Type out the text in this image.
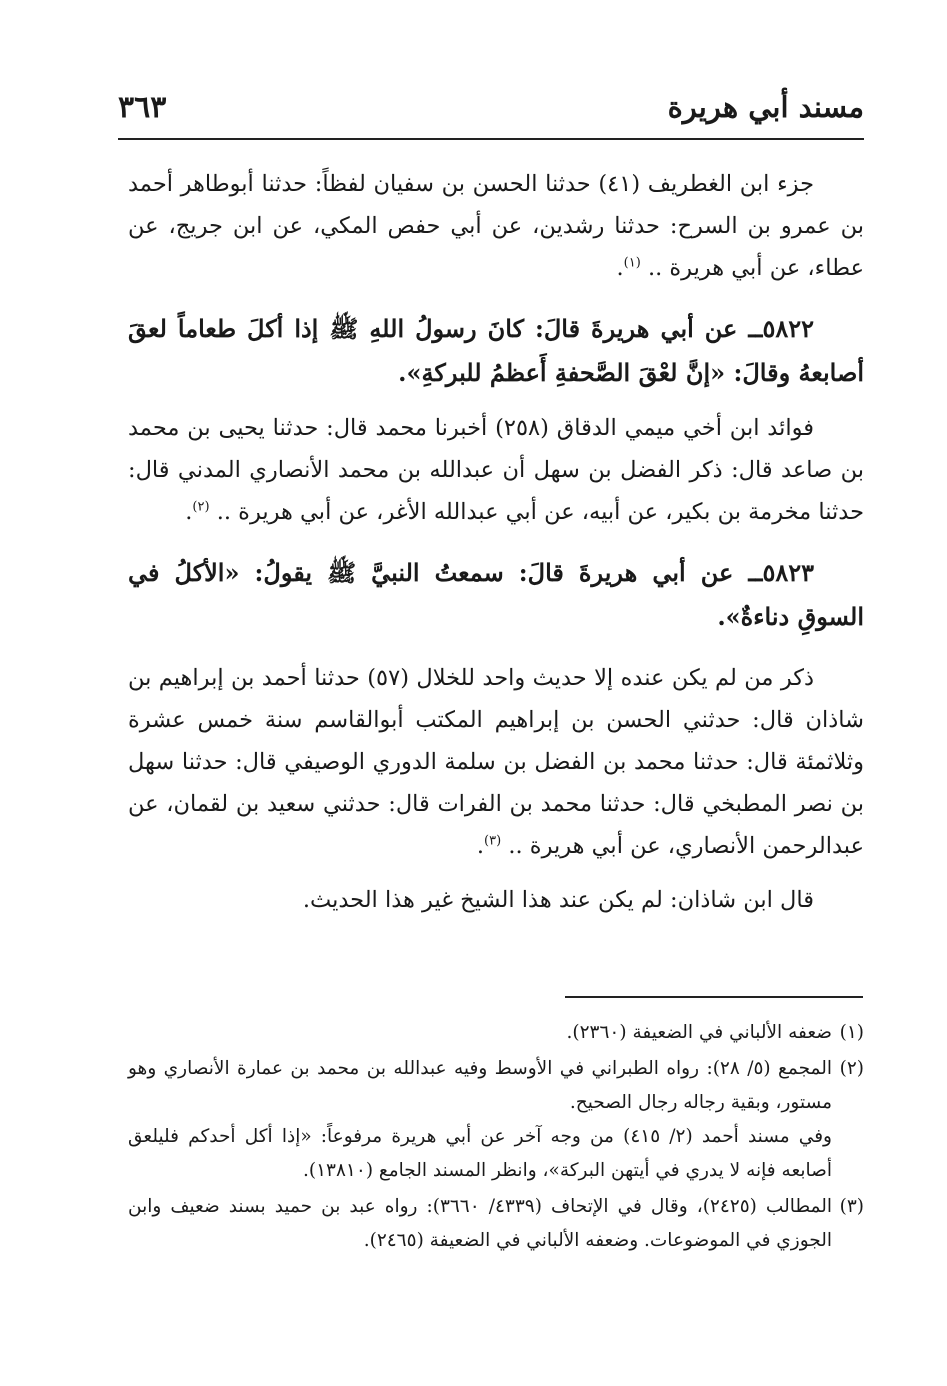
مسند أبي هريرة
٣٦٣

جزء ابن الغطريف (٤١) حدثنا الحسن بن سفيان لفظاً: حدثنا أبوطاهر أحمد بن عمرو بن السرح: حدثنا رشدين، عن أبي حفص المكي، عن ابن جريج، عن عطاء، عن أبي هريرة .. $^{(١)}$.

٥٨٢٢ــ عن أبي هريرةَ قالَ: كانَ رسولُ اللهِ ﷺ إذا أكلَ طعاماً لعقَ أصابعهُ وقالَ: «إنَّ لعْقَ الصَّحفةِ أَعظمُ للبركةِ».

فوائد ابن أخي ميمي الدقاق (٢٥٨) أخبرنا محمد قال: حدثنا يحيى بن محمد بن صاعد قال: ذكر الفضل بن سهل أن عبدالله بن محمد الأنصاري المدني قال: حدثنا مخرمة بن بكير، عن أبيه، عن أبي عبدالله الأغر، عن أبي هريرة .. $^{(٢)}$.

٥٨٢٣ــ عن أبي هريرةَ قالَ: سمعتُ النبيَّ ﷺ يقولُ: «الأكلُ في السوقِ دناءةٌ».

ذكر من لم يكن عنده إلا حديث واحد للخلال (٥٧) حدثنا أحمد بن إبراهيم بن شاذان قال: حدثني الحسن بن إبراهيم المكتب أبوالقاسم سنة خمس عشرة وثلاثمئة قال: حدثنا محمد بن الفضل بن سلمة الدوري الوصيفي قال: حدثنا سهل بن نصر المطبخي قال: حدثنا محمد بن الفرات قال: حدثني سعيد بن لقمان، عن عبدالرحمن الأنصاري، عن أبي هريرة .. $^{(٣)}$.

قال ابن شاذان: لم يكن عند هذا الشيخ غير هذا الحديث.

(١)

ضعفه الألباني في الضعيفة (٢٣٦٠).

(٢)

المجمع (٥/ ٢٨): رواه الطبراني في الأوسط وفيه عبدالله بن محمد بن عمارة الأنصاري وهو مستور، وبقية رجاله رجال الصحيح.

وفي مسند أحمد (٢/ ٤١٥) من وجه آخر عن أبي هريرة مرفوعاً: «إذا أكل أحدكم فليلعق أصابعه فإنه لا يدري في أيتهن البركة»، وانظر المسند الجامع (١٣٨١٠).

(٣)

المطالب (٢٤٢٥)، وقال في الإتحاف (٤٣٣٩/ ٣٦٦٠): رواه عبد بن حميد بسند ضعيف وابن الجوزي في الموضوعات. وضعفه الألباني في الضعيفة (٢٤٦٥).
